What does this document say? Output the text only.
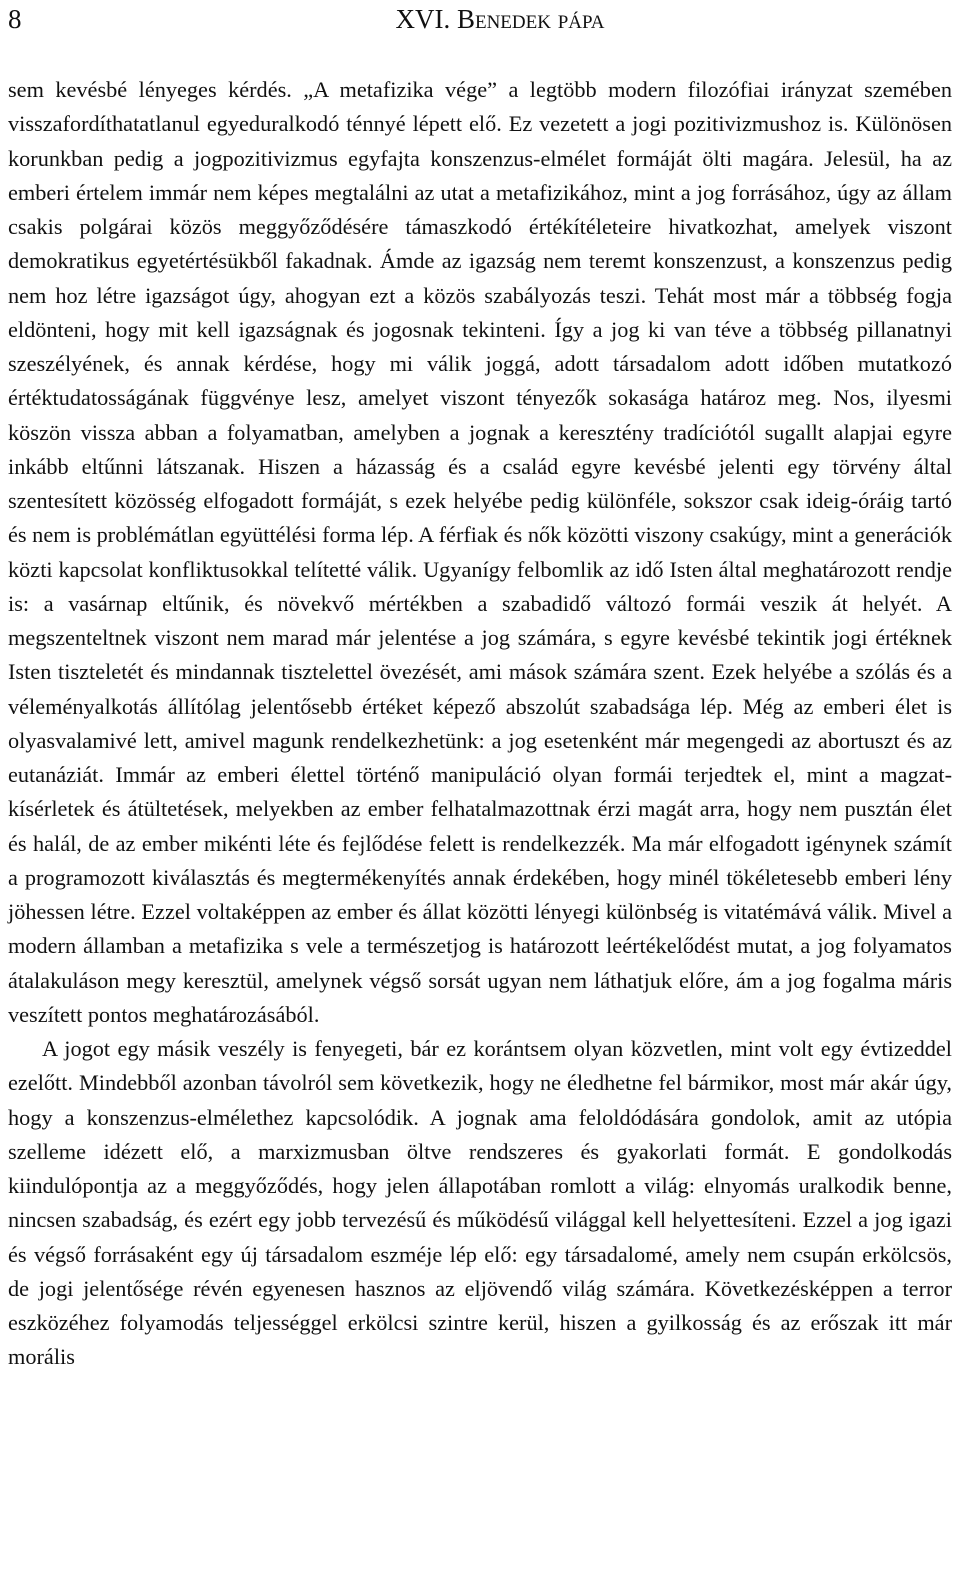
8	XVI. Benedek pápa

sem kevésbé lényeges kérdés. „A metafizika vége” a legtöbb modern filozófiai irányzat szemében visszafordíthatatlanul egyeduralkodó ténnyé lépett elő. Ez vezetett a jogi pozitivizmushoz is. Különösen korunkban pedig a jogpozitivizmus egyfajta konszenzus-elmélet formáját ölti magára. Jelesül, ha az emberi értelem immár nem képes megtalálni az utat a metafizikához, mint a jog forrásához, úgy az állam csakis polgárai közös meggyőződésére támaszkodó értékítéleteire hivatkozhat, amelyek viszont demokratikus egyetértésükből fakadnak. Ámde az igazság nem teremt konszenzust, a konszenzus pedig nem hoz létre igazságot úgy, ahogyan ezt a közös szabályozás teszi. Tehát most már a többség fogja eldönteni, hogy mit kell igazságnak és jogosnak tekinteni. Így a jog ki van téve a többség pillanatnyi szeszélyének, és annak kérdése, hogy mi válik joggá, adott társadalom adott időben mutatkozó értéktudatosságának függvénye lesz, amelyet viszont tényezők sokasága határoz meg. Nos, ilyesmi köszön vissza abban a folyamatban, amelyben a jognak a keresztény tradíciótól sugallt alapjai egyre inkább eltűnni látszanak. Hiszen a házasság és a család egyre kevésbé jelenti egy törvény által szentesített közösség elfogadott formáját, s ezek helyébe pedig különféle, sokszor csak ideig-óráig tartó és nem is problémátlan együttélési forma lép. A férfiak és nők közötti viszony csakúgy, mint a generációk közti kapcsolat konfliktusokkal telítetté válik. Ugyanígy felbomlik az idő Isten által meghatározott rendje is: a vasárnap eltűnik, és növekvő mértékben a szabadidő változó formái veszik át helyét. A megszenteltnek viszont nem marad már jelentése a jog számára, s egyre kevésbé tekintik jogi értéknek Isten tiszteletét és mindannak tisztelettel övezését, ami mások számára szent. Ezek helyébe a szólás és a véleményalkotás állítólag jelentősebb értéket képező abszolút szabadsága lép. Még az emberi élet is olyasvalamivé lett, amivel magunk rendelkezhetünk: a jog esetenként már megengedi az abortuszt és az eutanáziát. Immár az emberi élettel történő manipuláció olyan formái terjedtek el, mint a magzat-kísérletek és átültetések, melyekben az ember felhatalmazottnak érzi magát arra, hogy nem pusztán élet és halál, de az ember mikénti léte és fejlődése felett is rendelkezzék. Ma már elfogadott igénynek számít a programozott kiválasztás és megtermékenyítés annak érdekében, hogy minél tökéletesebb emberi lény jöhessen létre. Ezzel voltaképpen az ember és állat közötti lényegi különbség is vitatémává válik. Mivel a modern államban a metafizika s vele a természetjog is határozott leértékelődést mutat, a jog folyamatos átalakuláson megy keresztül, amelynek végső sorsát ugyan nem láthatjuk előre, ám a jog fogalma máris veszített pontos meghatározásából.

A jogot egy másik veszély is fenyegeti, bár ez korántsem olyan közvetlen, mint volt egy évtizeddel ezelőtt. Mindebből azonban távolról sem következik, hogy ne éledhetne fel bármikor, most már akár úgy, hogy a konszenzus-elmélethez kapcsolódik. A jognak ama feloldódására gondolok, amit az utópia szelleme idézett elő, a marxizmusban öltve rendszeres és gyakorlati formát. E gondolkodás kiindulópontja az a meggyőződés, hogy jelen állapotában romlott a világ: elnyomás uralkodik benne, nincsen szabadság, és ezért egy jobb tervezésű és működésű világgal kell helyettesíteni. Ezzel a jog igazi és végső forrásaként egy új társadalom eszméje lép elő: egy társadalomé, amely nem csupán erkölcsös, de jogi jelentősége révén egyenesen hasznos az eljövendő világ számára. Következésképpen a terror eszközéhez folyamodás teljességgel erkölcsi szintre kerül, hiszen a gyilkosság és az erőszak itt már morális
